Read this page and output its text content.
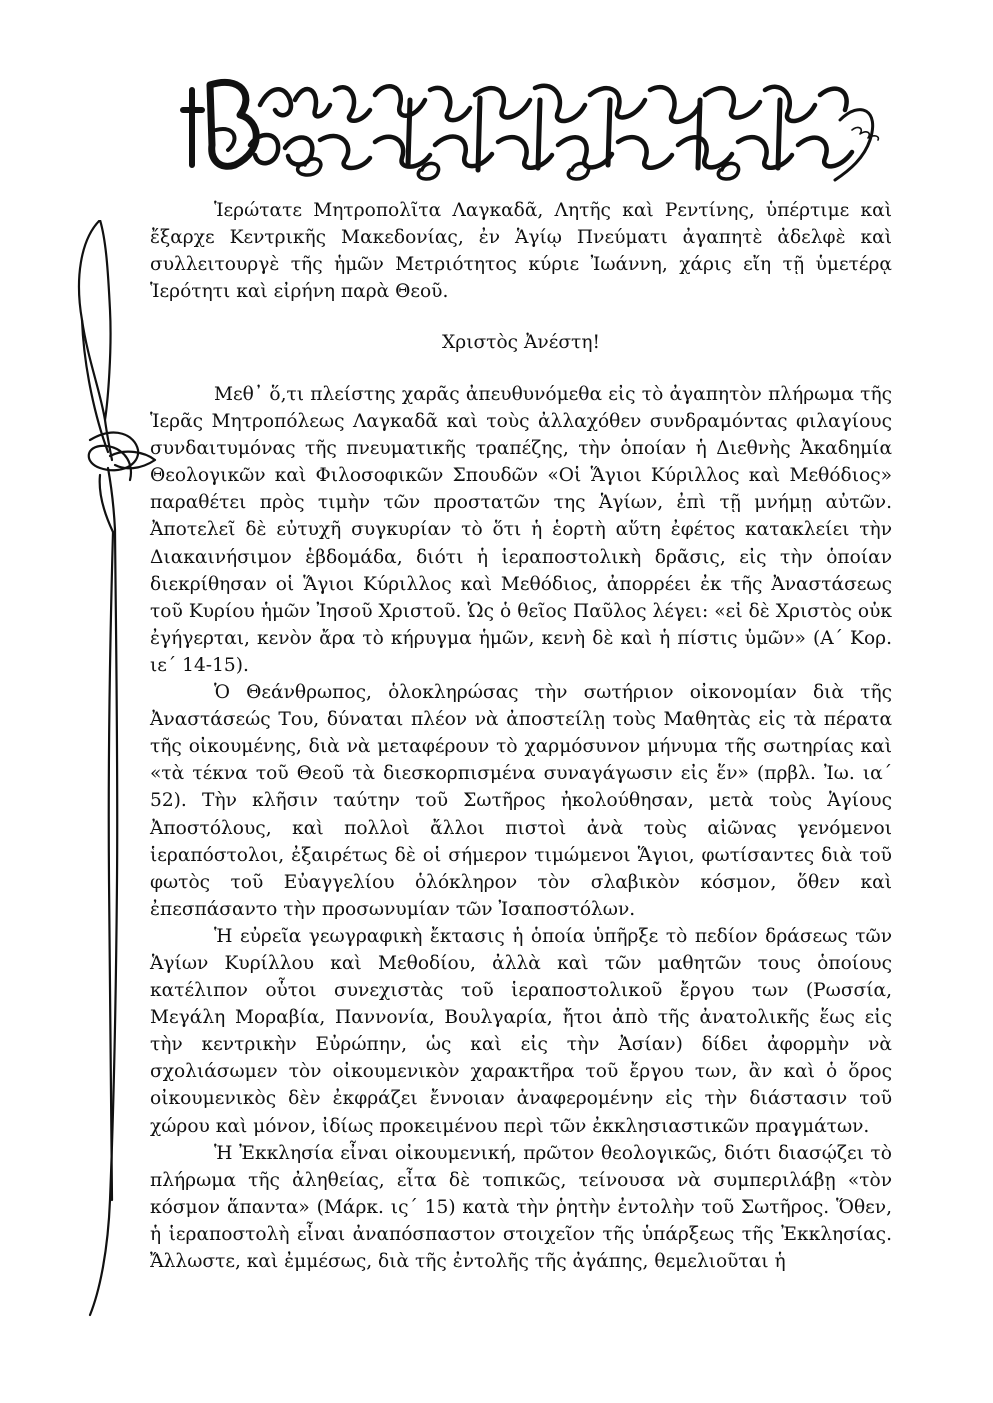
Ἱερώτατε Μητροπολῖτα Λαγκαδᾶ, Λητῆς καὶ Ρεντίνης, ὑπέρτιμε καὶ ἔξαρχε Κεντρικῆς Μακεδονίας, ἐν Ἁγίῳ Πνεύματι ἀγαπητὲ ἀδελφὲ καὶ συλλειτουργὲ τῆς ἡμῶν Μετριότητος κύριε Ἰωάννη, χάρις εἴη τῇ ὑμετέρᾳ Ἱερότητι καὶ εἰρήνη παρὰ Θεοῦ.

Χριστὸς Ἀνέστη!

Μεθ᾿ ὅ,τι πλείστης χαρᾶς ἀπευθυνόμεθα εἰς τὸ ἀγαπητὸν πλήρωμα τῆς Ἱερᾶς Μητροπόλεως Λαγκαδᾶ καὶ τοὺς ἀλλαχόθεν συνδραμόντας φιλαγίους συνδαιτυμόνας τῆς πνευματικῆς τραπέζης, τὴν ὁποίαν ἡ Διεθνὴς Ἀκαδημία Θεολογικῶν καὶ Φιλοσοφικῶν Σπουδῶν «Οἱ Ἅγιοι Κύριλλος καὶ Μεθόδιος» παραθέτει πρὸς τιμὴν τῶν προστατῶν της Ἁγίων, ἐπὶ τῇ μνήμῃ αὐτῶν. Ἀποτελεῖ δὲ εὐτυχῆ συγκυρίαν τὸ ὅτι ἡ ἑορτὴ αὕτη ἐφέτος κατακλείει τὴν Διακαινήσιμον ἑβδομάδα, διότι ἡ ἱεραποστολικὴ δρᾶσις, εἰς τὴν ὁποίαν διεκρίθησαν οἱ Ἅγιοι Κύριλλος καὶ Μεθόδιος, ἀπορρέει ἐκ τῆς Ἀναστάσεως τοῦ Κυρίου ἡμῶν Ἰησοῦ Χριστοῦ. Ὡς ὁ θεῖος Παῦλος λέγει: «εἰ δὲ Χριστὸς οὐκ ἐγήγερται, κενὸν ἄρα τὸ κήρυγμα ἡμῶν, κενὴ δὲ καὶ ἡ πίστις ὑμῶν» (Α΄ Κορ. ιε΄ 14-15).

Ὁ Θεάνθρωπος, ὁλοκληρώσας τὴν σωτήριον οἰκονομίαν διὰ τῆς Ἀναστάσεώς Του, δύναται πλέον νὰ ἀποστείλῃ τοὺς Μαθητὰς εἰς τὰ πέρατα τῆς οἰκουμένης, διὰ νὰ μεταφέρουν τὸ χαρμόσυνον μήνυμα τῆς σωτηρίας καὶ «τὰ τέκνα τοῦ Θεοῦ τὰ διεσκορπισμένα συναγάγωσιν εἰς ἕν» (πρβλ. Ἰω. ια΄ 52). Τὴν κλῆσιν ταύτην τοῦ Σωτῆρος ἠκολούθησαν, μετὰ τοὺς Ἁγίους Ἀποστόλους, καὶ πολλοὶ ἄλλοι πιστοὶ ἀνὰ τοὺς αἰῶνας γενόμενοι ἱεραπόστολοι, ἐξαιρέτως δὲ οἱ σήμερον τιμώμενοι Ἅγιοι, φωτίσαντες διὰ τοῦ φωτὸς τοῦ Εὐαγγελίου ὁλόκληρον τὸν σλαβικὸν κόσμον, ὅθεν καὶ ἐπεσπάσαντο τὴν προσωνυμίαν τῶν Ἰσαποστόλων.

Ἡ εὐρεῖα γεωγραφικὴ ἔκτασις ἡ ὁποία ὑπῆρξε τὸ πεδίον δράσεως τῶν Ἁγίων Κυρίλλου καὶ Μεθοδίου, ἀλλὰ καὶ τῶν μαθητῶν τους ὁποίους κατέλιπον οὗτοι συνεχιστὰς τοῦ ἱεραποστολικοῦ ἔργου των (Ρωσσία, Μεγάλη Μοραβία, Παννονία, Βουλγαρία, ἤτοι ἀπὸ τῆς ἀνατολικῆς ἕως εἰς τὴν κεντρικὴν Εὐρώπην, ὡς καὶ εἰς τὴν Ἀσίαν) δίδει ἀφορμὴν νὰ σχολιάσωμεν τὸν οἰκουμενικὸν χαρακτῆρα τοῦ ἔργου των, ἂν καὶ ὁ ὅρος οἰκουμενικὸς δὲν ἐκφράζει ἔννοιαν ἀναφερομένην εἰς τὴν διάστασιν τοῦ χώρου καὶ μόνον, ἰδίως προκειμένου περὶ τῶν ἐκκλησιαστικῶν πραγμάτων.

Ἡ Ἐκκλησία εἶναι οἰκουμενική, πρῶτον θεολογικῶς, διότι διασῴζει τὸ πλήρωμα τῆς ἀληθείας, εἶτα δὲ τοπικῶς, τείνουσα νὰ συμπεριλάβῃ «τὸν κόσμον ἅπαντα» (Μάρκ. ις΄ 15) κατὰ τὴν ῥητὴν ἐντολὴν τοῦ Σωτῆρος. Ὅθεν, ἡ ἱεραποστολὴ εἶναι ἀναπόσπαστον στοιχεῖον τῆς ὑπάρξεως τῆς Ἐκκλησίας. Ἄλλωστε, καὶ ἐμμέσως, διὰ τῆς ἐντολῆς τῆς ἀγάπης, θεμελιοῦται ἡ
